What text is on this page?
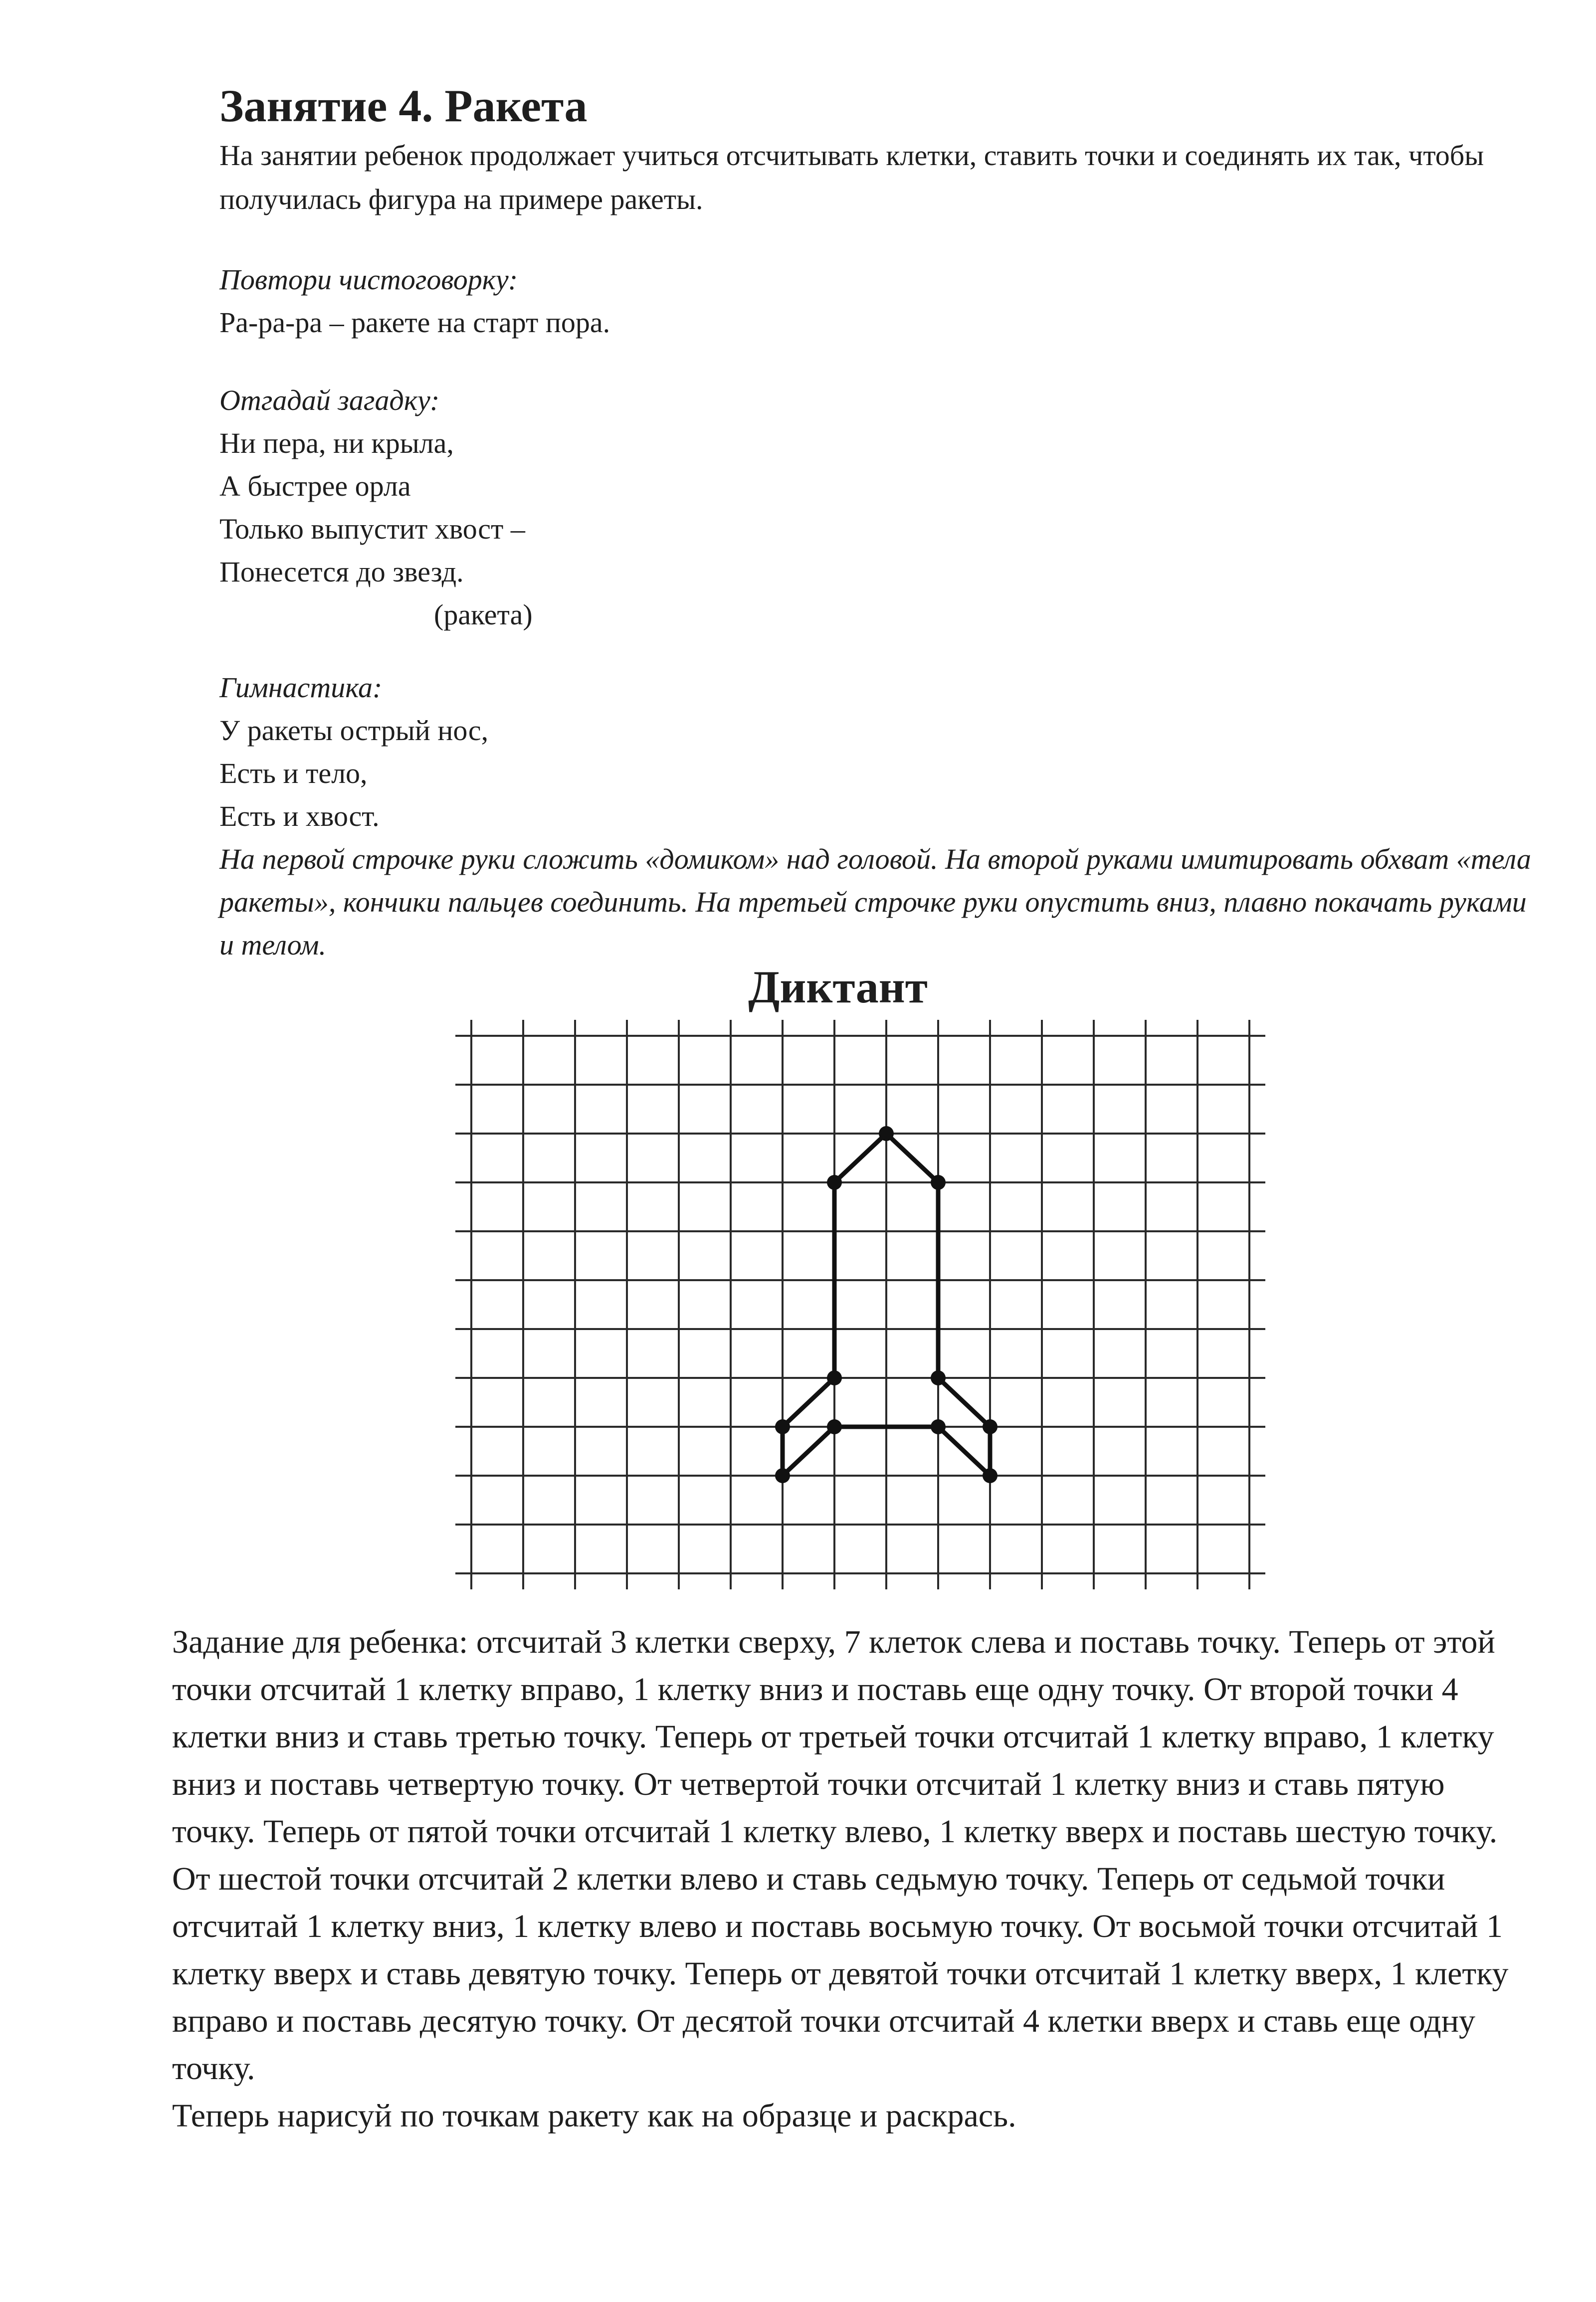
Занятие 4. Ракета

На занятии ребенок продолжает учиться отсчитывать клетки, ставить точки и соединять их так, чтобы получилась фигура на примере ракеты.

Повтори чистоговорку:
Ра-ра-ра – ракете на старт пора.
Отгадай загадку:
Ни пера, ни крыла,
А быстрее орла
Только выпустит хвост –
Понесется до звезд.
(ракета)
Гимнастика:
У ракеты острый нос,
Есть и тело,
Есть и хвост.
На первой строчке руки сложить «домиком» над головой. На второй руками имитировать обхват «тела ракеты», кончики пальцев соединить. На третьей строчке руки опустить вниз, плавно покачать руками и телом.
Диктант

Задание для ребенка: отсчитай 3 клетки сверху, 7 клеток слева и поставь точку. Теперь от этой точки отсчитай 1 клетку вправо, 1 клетку вниз и поставь еще одну точку. От второй точки 4 клетки вниз и ставь третью точку. Теперь от третьей точки отсчитай 1 клетку вправо, 1 клетку вниз и поставь четвертую точку. От четвертой точки отсчитай 1 клетку вниз и ставь пятую точку. Теперь от пятой точки отсчитай 1 клетку влево, 1 клетку вверх и поставь шестую точку. От шестой точки отсчитай 2 клетки влево и ставь седьмую точку. Теперь от седьмой точки отсчитай 1 клетку вниз, 1 клетку влево и поставь восьмую точку. От восьмой точки отсчитай 1 клетку вверх и ставь девятую точку. Теперь от девятой точки отсчитай 1 клетку вверх, 1 клетку вправо и поставь десятую точку. От десятой точки отсчитай 4 клетки вверх и ставь еще одну точку.

Теперь нарисуй по точкам ракету как на образце и раскрась.
